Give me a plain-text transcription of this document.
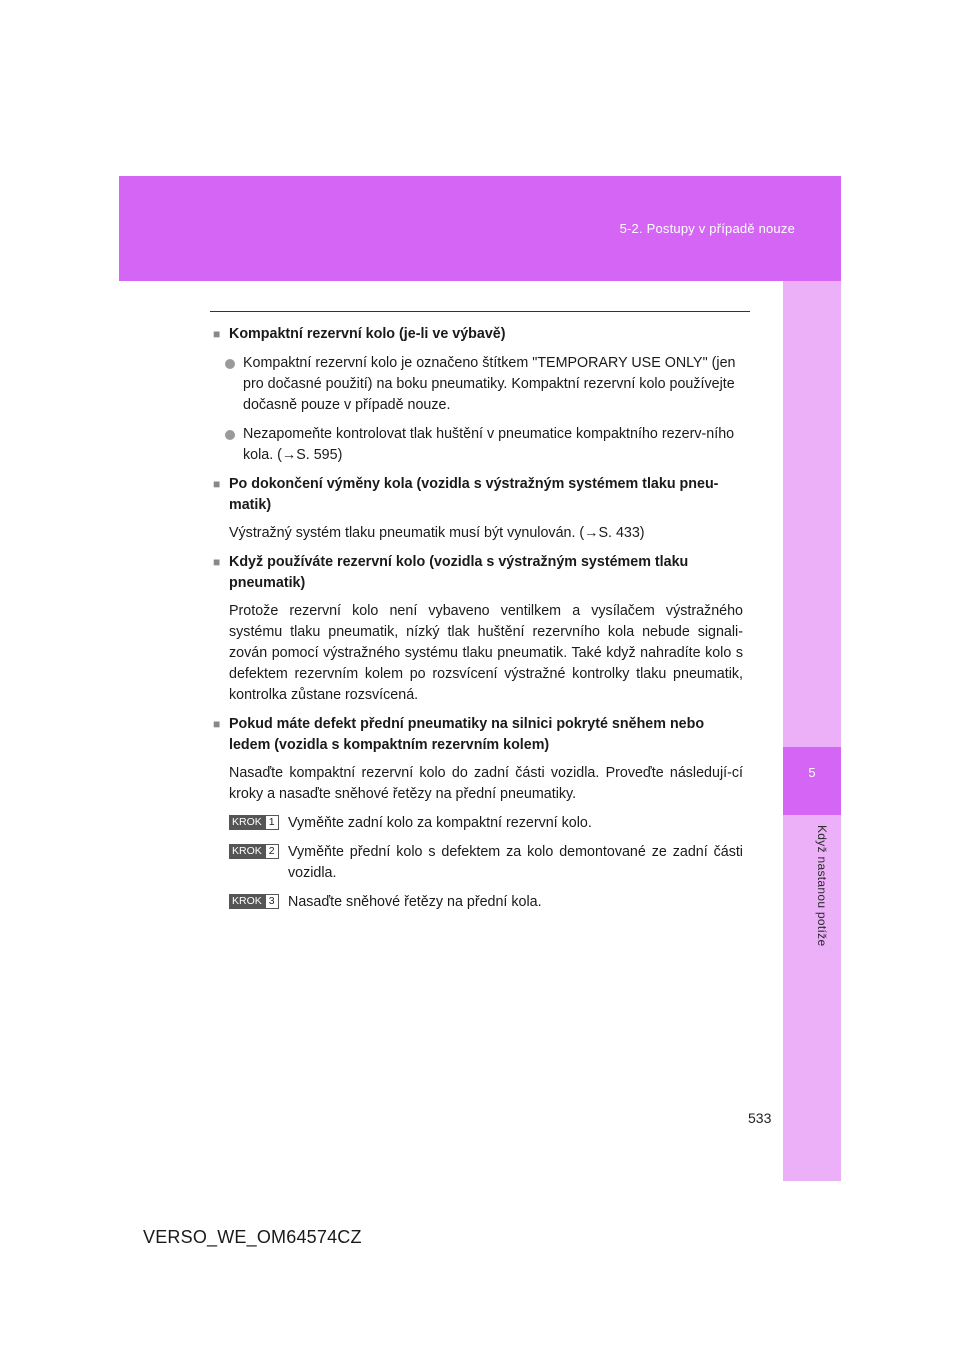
5-2. Postupy v případě nouze
5
Když nastanou potíže
■ Kompaktní rezervní kolo (je-li ve výbavě)
Kompaktní rezervní kolo je označeno štítkem "TEMPORARY USE ONLY" (jen pro dočasné použití) na boku pneumatiky. Kompaktní rezervní kolo používejte dočasně pouze v případě nouze.
Nezapomeňte kontrolovat tlak huštění v pneumatice kompaktního rezerv-ního kola. (→S. 595)
■ Po dokončení výměny kola (vozidla s výstražným systémem tlaku pneu-matik)
Výstražný systém tlaku pneumatik musí být vynulován. (→S. 433)
■ Když používáte rezervní kolo (vozidla s výstražným systémem tlaku pneumatik)
Protože rezervní kolo není vybaveno ventilkem a vysílačem výstražného systému tlaku pneumatik, nízký tlak huštění rezervního kola nebude signali-zován pomocí výstražného systému tlaku pneumatik. Také když nahradíte kolo s defektem rezervním kolem po rozsvícení výstražné kontrolky tlaku pneumatik, kontrolka zůstane rozsvícená.
■ Pokud máte defekt přední pneumatiky na silnici pokryté sněhem nebo ledem (vozidla s kompaktním rezervním kolem)
Nasaďte kompaktní rezervní kolo do zadní části vozidla. Proveďte následují-cí kroky a nasaďte sněhové řetězy na přední pneumatiky.
KROK 1 Vyměňte zadní kolo za kompaktní rezervní kolo.
KROK 2 Vyměňte přední kolo s defektem za kolo demontované ze zadní části vozidla.
KROK 3 Nasaďte sněhové řetězy na přední kola.
533
VERSO_WE_OM64574CZ
